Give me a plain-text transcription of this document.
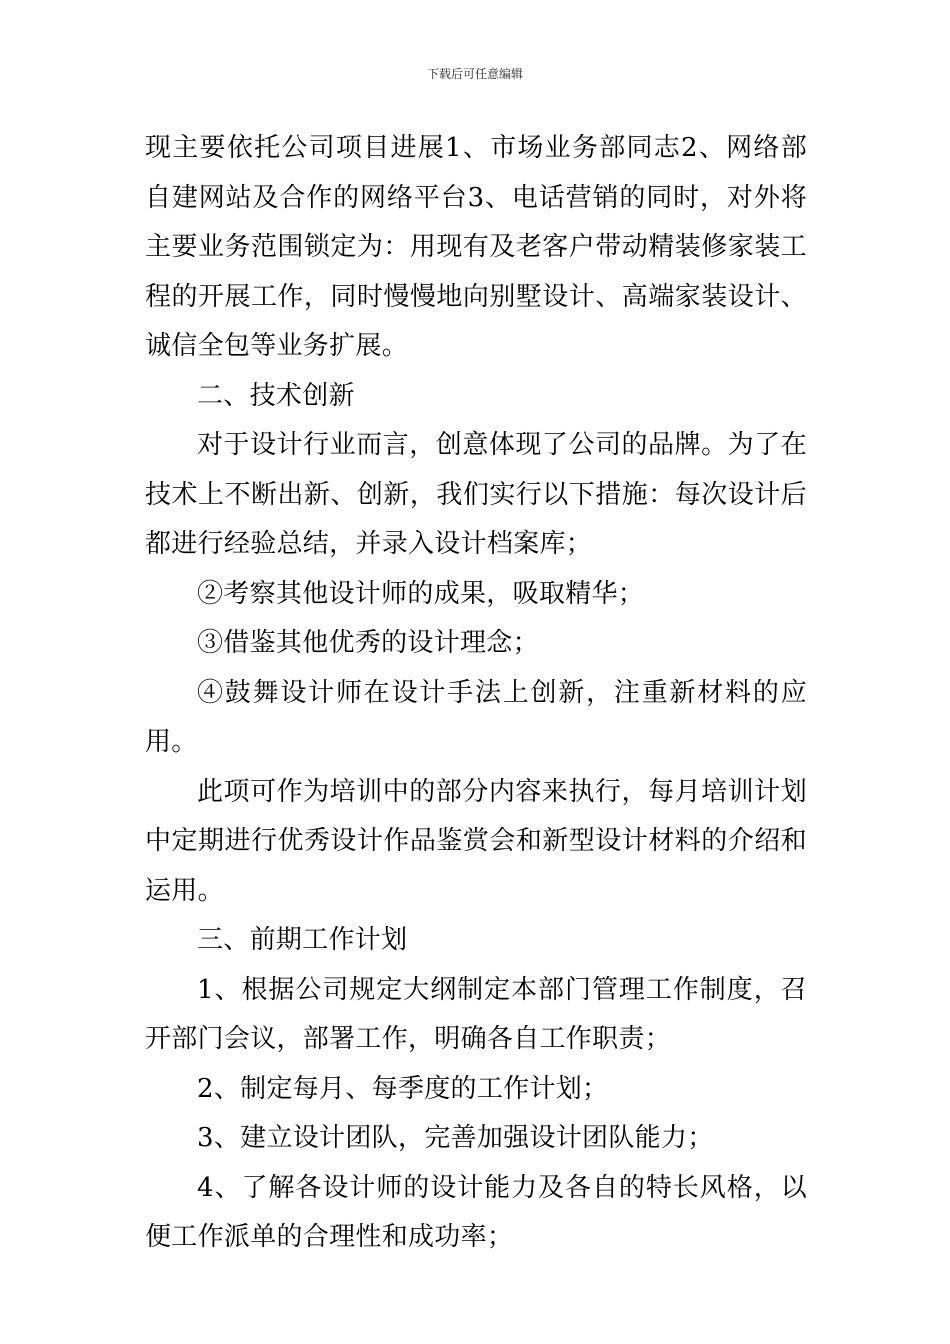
下载后可任意编辑

现主要依托公司项目进展1、市场业务部同志2、网络部自建网站及合作的网络平台3、电话营销的同时，对外将主要业务范围锁定为：用现有及老客户带动精装修家装工程的开展工作，同时慢慢地向别墅设计、高端家装设计、诚信全包等业务扩展。

二、技术创新

对于设计行业而言，创意体现了公司的品牌。为了在技术上不断出新、创新，我们实行以下措施：每次设计后都进行经验总结，并录入设计档案库；

②考察其他设计师的成果，吸取精华；

③借鉴其他优秀的设计理念；

④鼓舞设计师在设计手法上创新，注重新材料的应用。

此项可作为培训中的部分内容来执行，每月培训计划中定期进行优秀设计作品鉴赏会和新型设计材料的介绍和运用。

三、前期工作计划

1、根据公司规定大纲制定本部门管理工作制度，召开部门会议，部署工作，明确各自工作职责；

2、制定每月、每季度的工作计划；

3、建立设计团队，完善加强设计团队能力；

4、了解各设计师的设计能力及各自的特长风格，以便工作派单的合理性和成功率；
